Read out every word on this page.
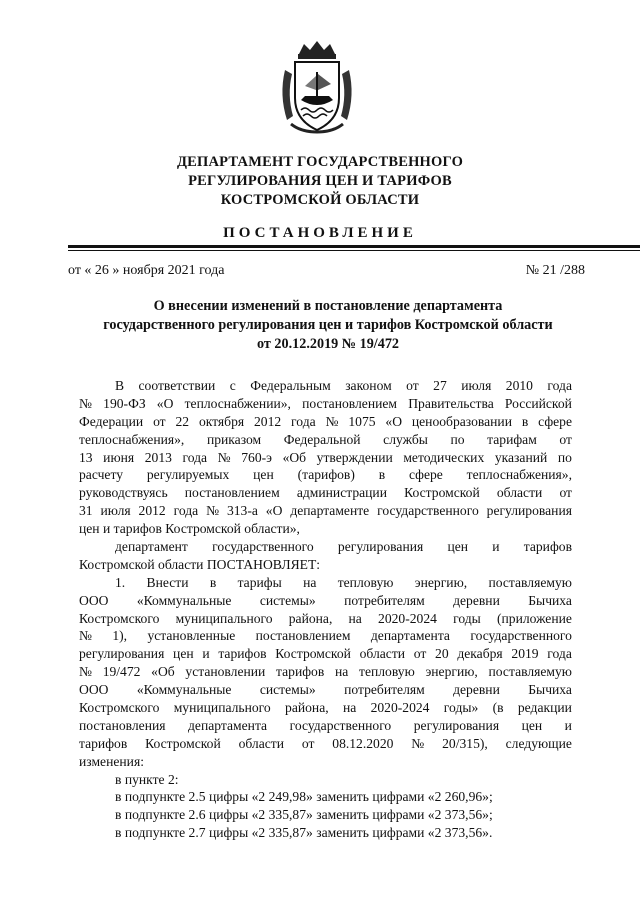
ДЕПАРТАМЕНТ ГОСУДАРСТВЕННОГО
РЕГУЛИРОВАНИЯ ЦЕН И ТАРИФОВ
КОСТРОМСКОЙ ОБЛАСТИ
ПОСТАНОВЛЕНИЕ
от « 26 » ноября 2021 года	№ 21 /288
О внесении изменений в постановление департамента
государственного регулирования цен и тарифов Костромской области
от 20.12.2019 № 19/472
В соответствии с Федеральным законом от 27 июля 2010 года
№ 190-ФЗ «О теплоснабжении», постановлением Правительства Российской
Федерации от 22 октября 2012 года № 1075 «О ценообразовании в сфере
теплоснабжения», приказом Федеральной службы по тарифам от
13 июня 2013 года № 760-э «Об утверждении методических указаний по
расчету регулируемых цен (тарифов) в сфере теплоснабжения»,
руководствуясь постановлением администрации Костромской области от
31 июля 2012 года № 313-а «О департаменте государственного регулирования
цен и тарифов Костромской области»,
департамент государственного регулирования цен и тарифов
Костромской области ПОСТАНОВЛЯЕТ:
1. Внести в тарифы на тепловую энергию, поставляемую
ООО «Коммунальные системы» потребителям деревни Бычиха
Костромского муниципального района, на 2020-2024 годы (приложение
№ 1), установленные постановлением департамента государственного
регулирования цен и тарифов Костромской области от 20 декабря 2019 года
№ 19/472 «Об установлении тарифов на тепловую энергию, поставляемую
ООО «Коммунальные системы» потребителям деревни Бычиха
Костромского муниципального района, на 2020-2024 годы» (в редакции
постановления департамента государственного регулирования цен и
тарифов Костромской области от 08.12.2020 № 20/315), следующие
изменения:
в пункте 2:
в подпункте 2.5 цифры «2 249,98» заменить цифрами «2 260,96»;
в подпункте 2.6 цифры «2 335,87» заменить цифрами «2 373,56»;
в подпункте 2.7 цифры «2 335,87» заменить цифрами «2 373,56».
